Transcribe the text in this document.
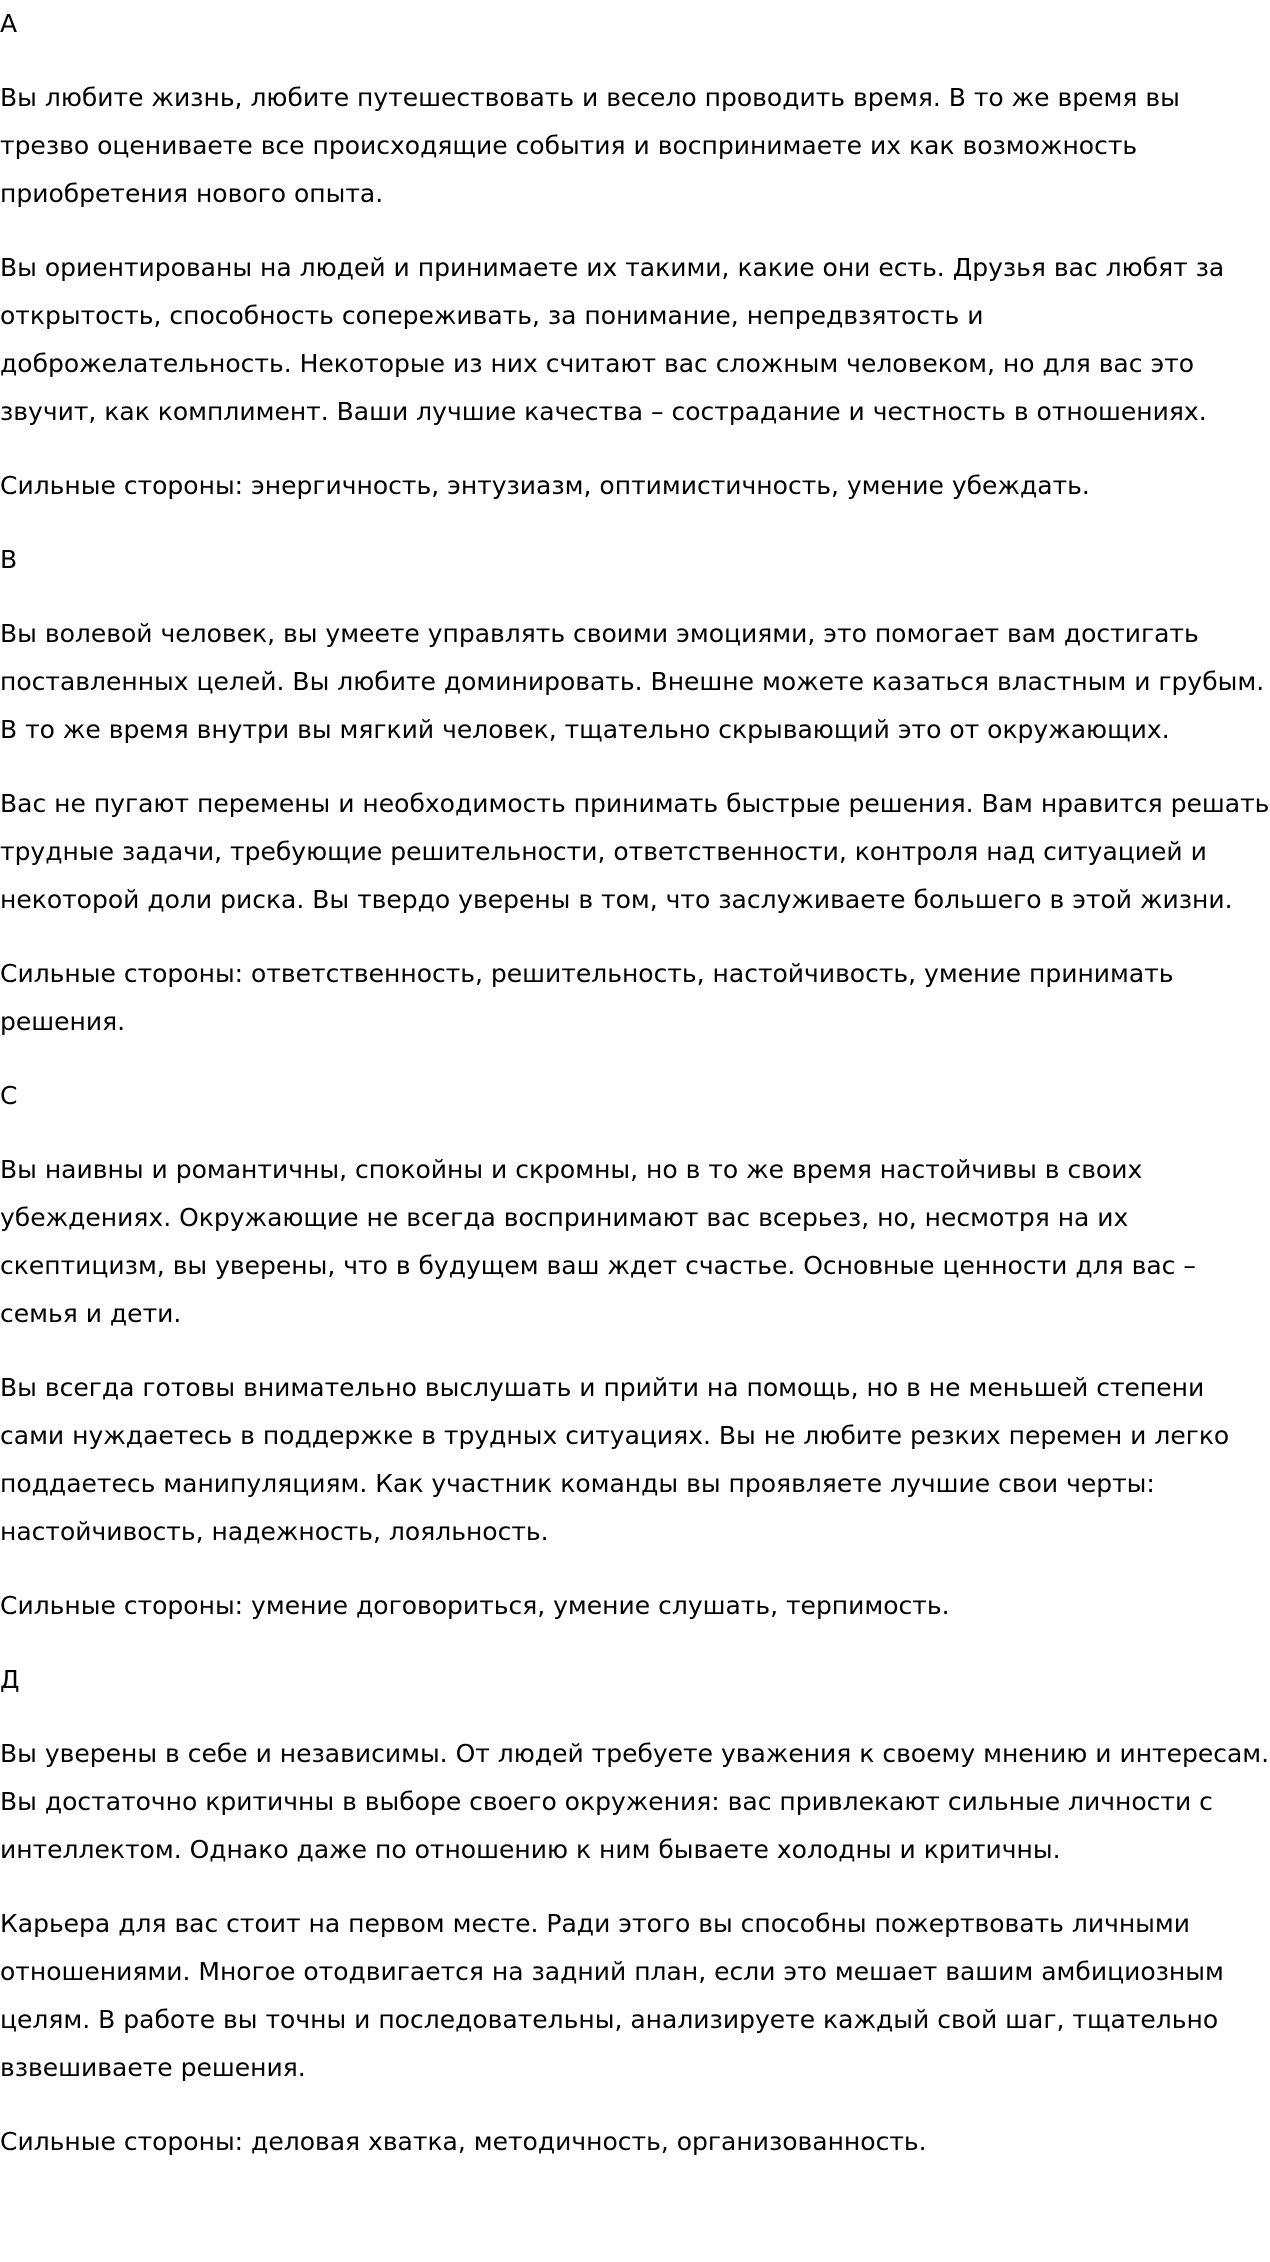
А

Вы любите жизнь, любите путешествовать и весело проводить время. В то же время вы трезво оцениваете все происходящие события и воспринимаете их как возможность приобретения нового опыта.

Вы ориентированы на людей и принимаете их такими, какие они есть. Друзья вас любят за открытость, способность сопереживать, за понимание, непредвзятость и доброжелательность. Некоторые из них считают вас сложным человеком, но для вас это звучит, как комплимент. Ваши лучшие качества – сострадание и честность в отношениях.

Сильные стороны: энергичность, энтузиазм, оптимистичность, умение убеждать.

В

Вы волевой человек, вы умеете управлять своими эмоциями, это помогает вам достигать поставленных целей. Вы любите доминировать. Внешне можете казаться властным и грубым. В то же время внутри вы мягкий человек, тщательно скрывающий это от окружающих.

Вас не пугают перемены и необходимость принимать быстрые решения. Вам нравится решать трудные задачи, требующие решительности, ответственности, контроля над ситуацией и некоторой доли риска. Вы твердо уверены в том, что заслуживаете большего в этой жизни.

Сильные стороны: ответственность, решительность, настойчивость, умение принимать решения.

С

Вы наивны и романтичны, спокойны и скромны, но в то же время настойчивы в своих убеждениях. Окружающие не всегда воспринимают вас всерьез, но, несмотря на их скептицизм, вы уверены, что в будущем ваш ждет счастье. Основные ценности для вас – семья и дети.

Вы всегда готовы внимательно выслушать и прийти на помощь, но в не меньшей степени сами нуждаетесь в поддержке в трудных ситуациях. Вы не любите резких перемен и легко поддаетесь манипуляциям. Как участник команды вы проявляете лучшие свои черты: настойчивость, надежность, лояльность.

Сильные стороны: умение договориться, умение слушать, терпимость.

Д

Вы уверены в себе и независимы. От людей требуете уважения к своему мнению и интересам. Вы достаточно критичны в выборе своего окружения: вас привлекают сильные личности с интеллектом. Однако даже по отношению к ним бываете холодны и критичны.

Карьера для вас стоит на первом месте. Ради этого вы способны пожертвовать личными отношениями. Многое отодвигается на задний план, если это мешает вашим амбициозным целям. В работе вы точны и последовательны, анализируете каждый свой шаг, тщательно взвешиваете решения.

Сильные стороны: деловая хватка, методичность, организованность.
